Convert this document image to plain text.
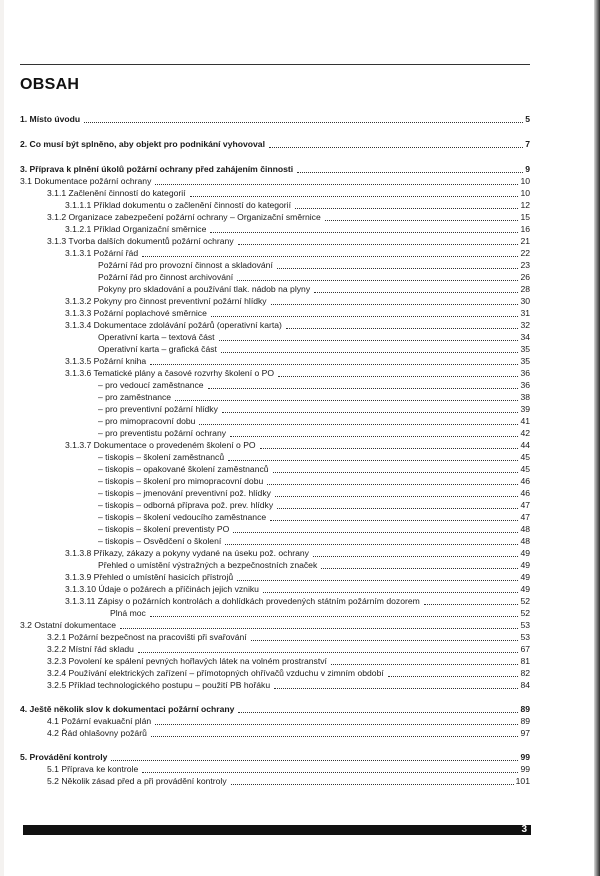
OBSAH
1. Místo úvodu	5
2. Co musí být splněno, aby objekt pro podnikání vyhovoval	7
3. Příprava k plnění úkolů požární ochrany před zahájením činnosti	9
3.1 Dokumentace požární ochrany	10
3.1.1 Začlenění činností do kategorií	10
3.1.1.1 Příklad dokumentu o začlenění činností do kategorií	12
3.1.2 Organizace zabezpečení požární ochrany – Organizační směrnice	15
3.1.2.1 Příklad Organizační směrnice	16
3.1.3 Tvorba dalších dokumentů požární ochrany	21
3.1.3.1 Požární řád	22
Požární řád pro provozní činnost a skladování	23
Požární řád pro činnost archivování	26
Pokyny pro skladování a používání tlak. nádob na plyny	28
3.1.3.2 Pokyny pro činnost preventivní požární hlídky	30
3.1.3.3 Požární poplachové směrnice	31
3.1.3.4 Dokumentace zdolávání požárů (operativní karta)	32
Operativní karta – textová část	34
Operativní karta – grafická část	35
3.1.3.5 Požární kniha	35
3.1.3.6 Tematické plány a časové rozvrhy školení o PO	36
– pro vedoucí zaměstnance	36
– pro zaměstnance	38
– pro preventivní požární hlídky	39
– pro mimopracovní dobu	41
– pro preventistu požární ochrany	42
3.1.3.7 Dokumentace o provedeném školení o PO	44
– tiskopis – školení zaměstnanců	45
– tiskopis – opakované školení zaměstnanců	45
– tiskopis – školení pro mimopracovní dobu	46
– tiskopis – jmenování preventivní pož. hlídky	46
– tiskopis – odborná příprava pož. prev. hlídky	47
– tiskopis – školení vedoucího zaměstnance	47
– tiskopis – školení preventisty PO	48
– tiskopis – Osvědčení o školení	48
3.1.3.8 Příkazy, zákazy a pokyny vydané na úseku pož. ochrany	49
Přehled o umístění výstražných a bezpečnostních značek	49
3.1.3.9 Přehled o umístění hasicích přístrojů	49
3.1.3.10 Údaje o požárech a příčinách jejich vzniku	49
3.1.3.11 Zápisy o požárních kontrolách a dohlídkách provedených státním požárním dozorem	52
Plná moc	52
3.2 Ostatní dokumentace	53
3.2.1 Požární bezpečnost na pracovišti při svařování	53
3.2.2 Místní řád skladu	67
3.2.3 Povolení ke spálení pevných hořlavých látek na volném prostranství	81
3.2.4 Používání elektrických zařízení – přímotopných ohřívačů vzduchu v zimním období	82
3.2.5 Příklad technologického postupu – použití PB hořáku	84
4. Ještě několik slov k dokumentaci požární ochrany	89
4.1 Požární evakuační plán	89
4.2 Řád ohlašovny požárů	97
5. Provádění kontroly	99
5.1 Příprava ke kontrole	99
5.2 Několik zásad před a při provádění kontroly	101
3
